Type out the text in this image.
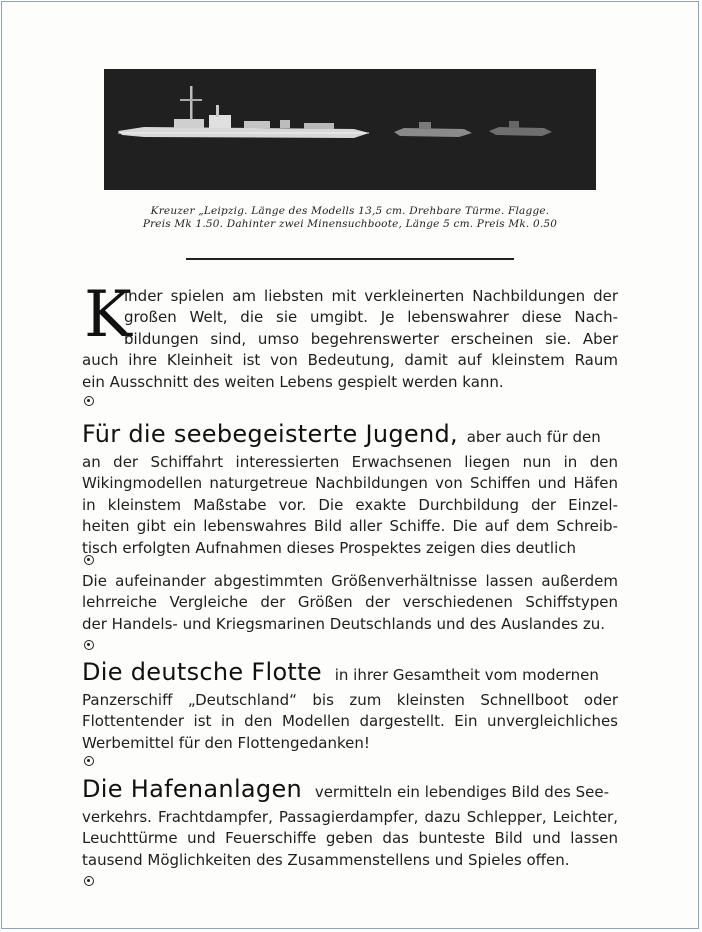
Kreuzer „Leipzig. Länge des Modells 13,5 cm. Drehbare Türme. Flagge.
Preis Mk 1.50. Dahinter zwei Minensuchboote, Länge 5 cm. Preis Mk. 0.50
K
inder spielen am liebsten mit verkleinerten Nachbildungen der
großen Welt, die sie umgibt. Je lebenswahrer diese Nach-
bildungen sind, umso begehrenswerter erscheinen sie. Aber
auch ihre Kleinheit ist von Bedeutung, damit auf kleinstem Raum
ein Ausschnitt des weiten Lebens gespielt werden kann.
Für die seebegeisterte Jugend, aber auch für den
an der Schiffahrt interessierten Erwachsenen liegen nun in den
Wikingmodellen naturgetreue Nachbildungen von Schiffen und Häfen
in kleinstem Maßstabe vor. Die exakte Durchbildung der Einzel-
heiten gibt ein lebenswahres Bild aller Schiffe. Die auf dem Schreib-
tisch erfolgten Aufnahmen dieses Prospektes zeigen dies deutlich
Die aufeinander abgestimmten Größenverhältnisse lassen außerdem
lehrreiche Vergleiche der Größen der verschiedenen Schiffstypen
der Handels- und Kriegsmarinen Deutschlands und des Auslandes zu.
Die deutsche Flotte in ihrer Gesamtheit vom modernen
Panzerschiff „Deutschland“ bis zum kleinsten Schnellboot oder
Flottentender ist in den Modellen dargestellt. Ein unvergleichliches
Werbemittel für den Flottengedanken!
Die Hafenanlagen vermitteln ein lebendiges Bild des See-
verkehrs. Frachtdampfer, Passagierdampfer, dazu Schlepper, Leichter,
Leuchttürme und Feuerschiffe geben das bunteste Bild und lassen
tausend Möglichkeiten des Zusammenstellens und Spieles offen.
